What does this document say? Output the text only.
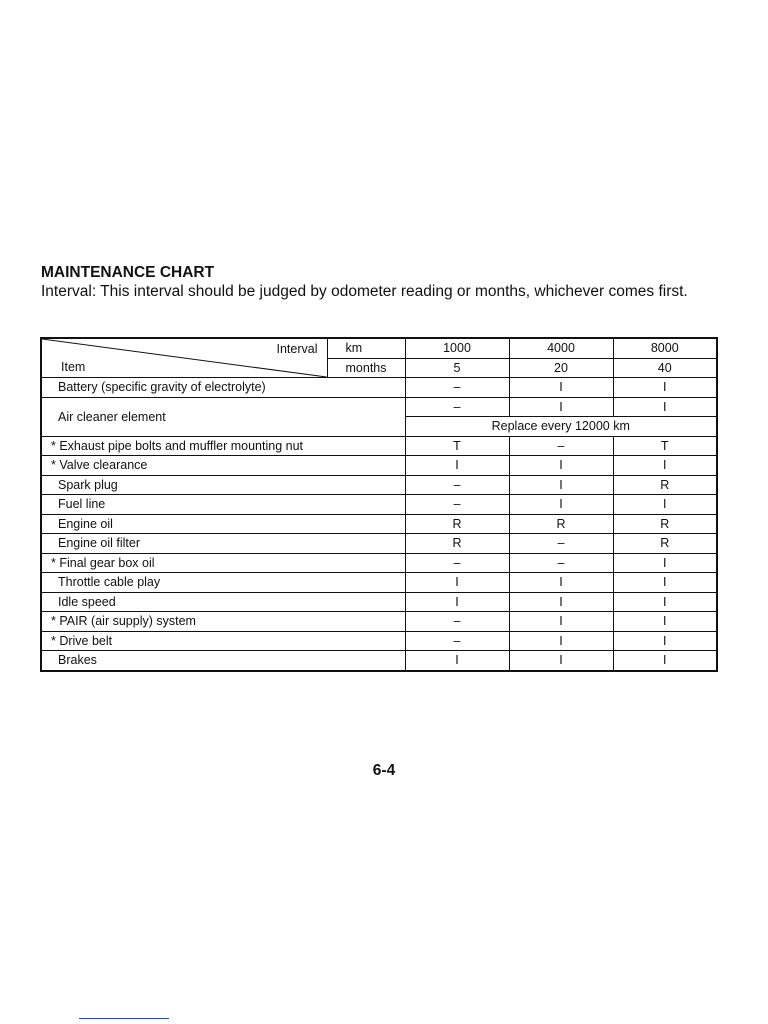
MAINTENANCE CHART

Interval: This interval should be judged by odometer reading or months, whichever comes first.

Interval
Item	km	1000	4000	8000
	months	5	20	40
Battery (specific gravity of electrolyte)		–	I	I
Air cleaner element		–	I	I
		Replace every 12000 km		
* Exhaust pipe bolts and muffler mounting nut		T	–	T
* Valve clearance		I	I	I
Spark plug		–	I	R
Fuel line		–	I	I
Engine oil		R	R	R
Engine oil filter		R	–	R
* Final gear box oil		–	–	I
Throttle cable play		I	I	I
Idle speed		I	I	I
* PAIR (air supply) system		–	I	I
* Drive belt		–	I	I
Brakes		I	I	I

6-4
